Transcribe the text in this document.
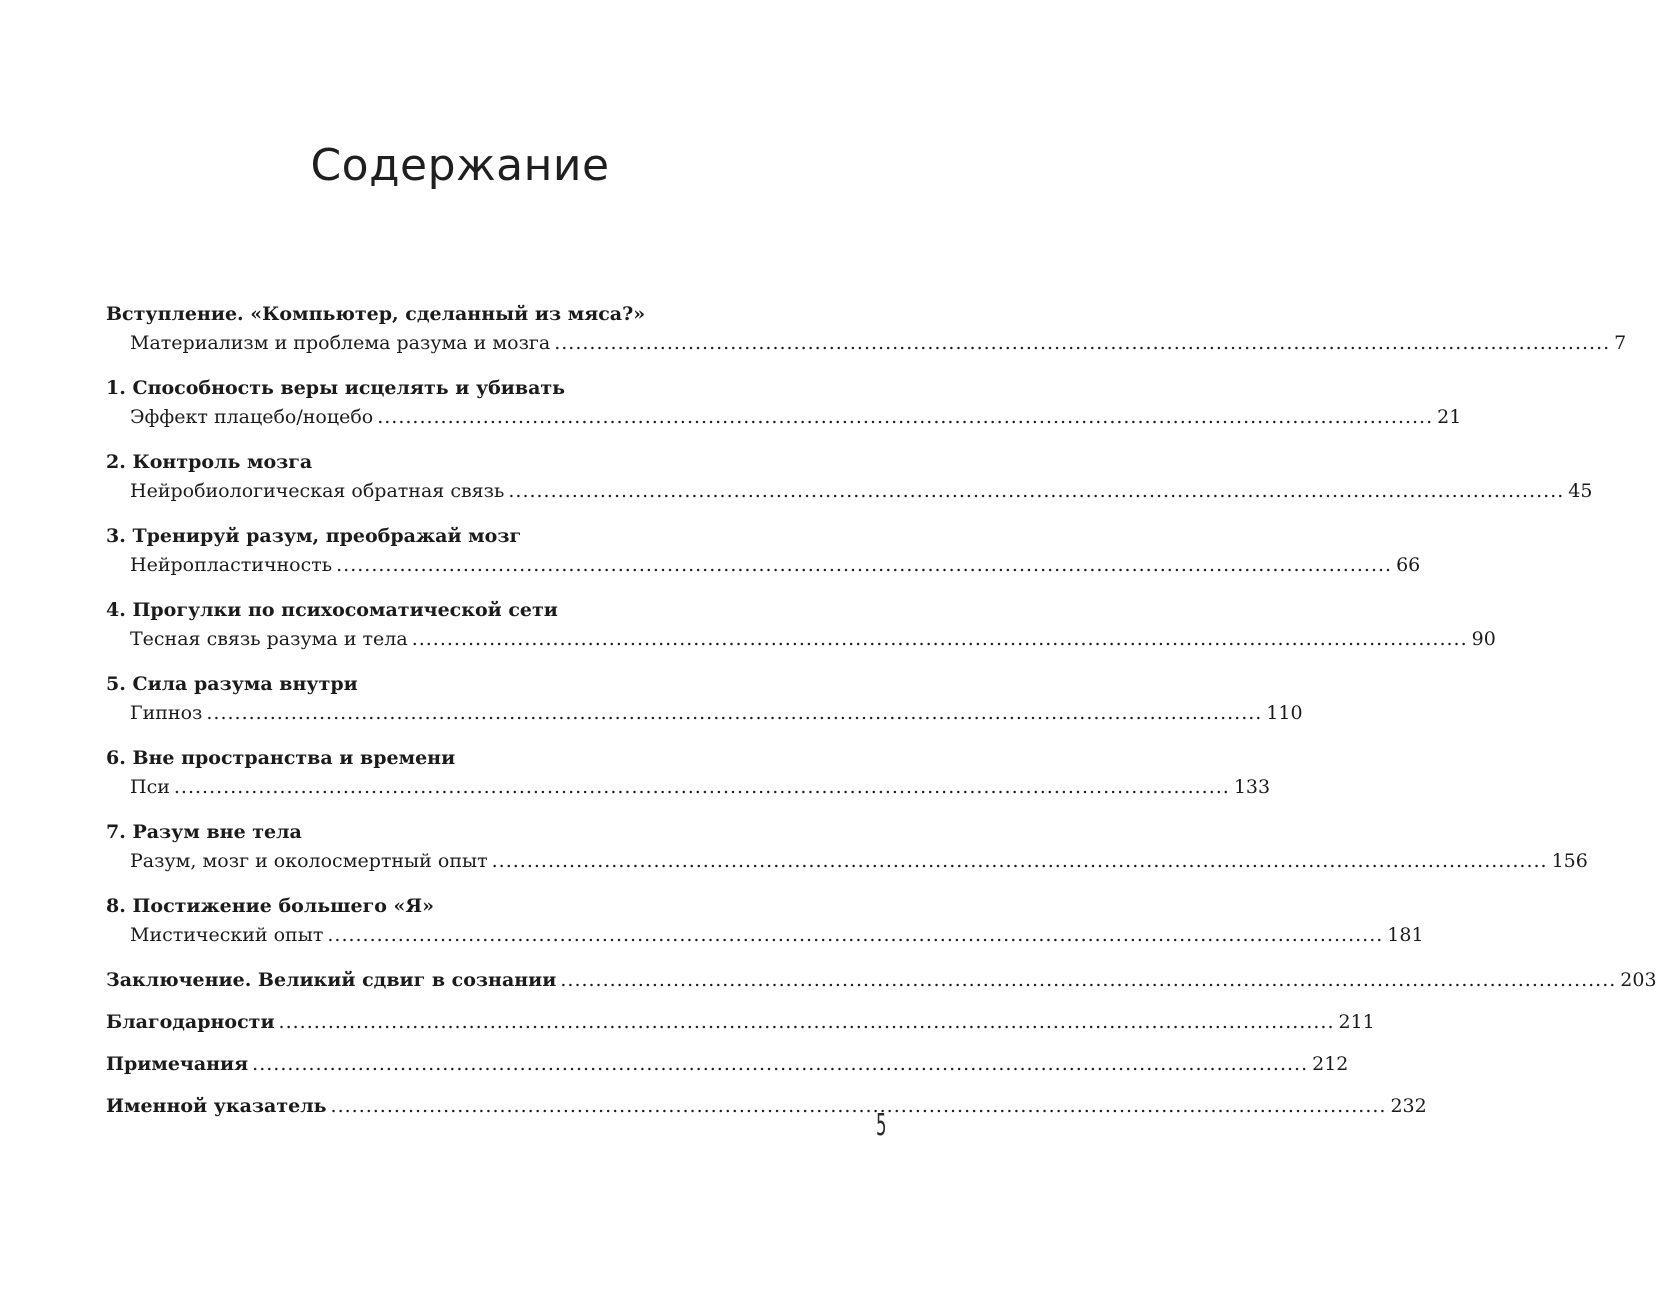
Содержание
Вступление. «Компьютер, сделанный из мяса?»
Материализм и проблема разума и мозга ...................................................................................................................................................... 7
1. Способность веры исцелять и убивать
Эффект плацебо/ноцебо ...................................................................................................................................................... 21
2. Контроль мозга
Нейробиологическая обратная связь ...................................................................................................................................................... 45
3. Тренируй разум, преображай мозг
Нейропластичность ...................................................................................................................................................... 66
4. Прогулки по психосоматической сети
Тесная связь разума и тела ...................................................................................................................................................... 90
5. Сила разума внутри
Гипноз ...................................................................................................................................................... 110
6. Вне пространства и времени
Пси ...................................................................................................................................................... 133
7. Разум вне тела
Разум, мозг и околосмертный опыт ...................................................................................................................................................... 156
8. Постижение большего «Я»
Мистический опыт ...................................................................................................................................................... 181
Заключение. Великий сдвиг в сознании ...................................................................................................................................................... 203
Благодарности ...................................................................................................................................................... 211
Примечания ...................................................................................................................................................... 212
Именной указатель ...................................................................................................................................................... 232
5
